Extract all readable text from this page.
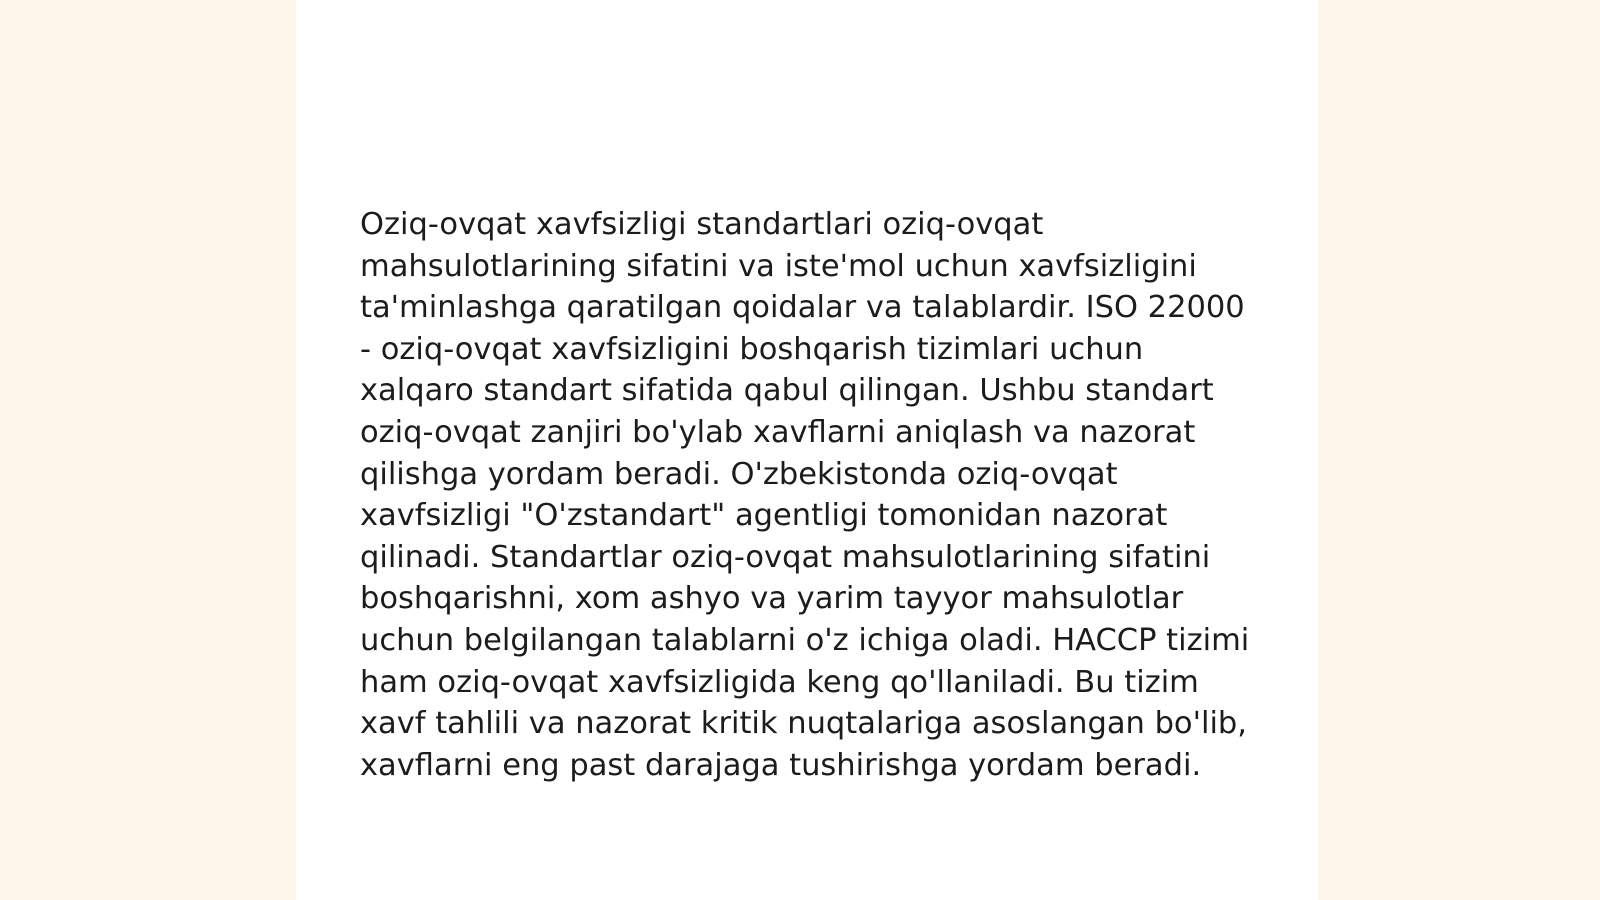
Oziq-ovqat xavfsizligi standartlari oziq-ovqat mahsulotlarining sifatini va iste'mol uchun xavfsizligini ta'minlashga qaratilgan qoidalar va talablardir. ISO 22000 - oziq-ovqat xavfsizligini boshqarish tizimlari uchun xalqaro standart sifatida qabul qilingan. Ushbu standart oziq-ovqat zanjiri bo'ylab xavflarni aniqlash va nazorat qilishga yordam beradi. O'zbekistonda oziq-ovqat xavfsizligi "O'zstandart" agentligi tomonidan nazorat qilinadi. Standartlar oziq-ovqat mahsulotlarining sifatini boshqarishni, xom ashyo va yarim tayyor mahsulotlar uchun belgilangan talablarni o'z ichiga oladi. HACCP tizimi ham oziq-ovqat xavfsizligida keng qo'llaniladi. Bu tizim xavf tahlili va nazorat kritik nuqtalariga asoslangan bo'lib, xavflarni eng past darajaga tushirishga yordam beradi.
